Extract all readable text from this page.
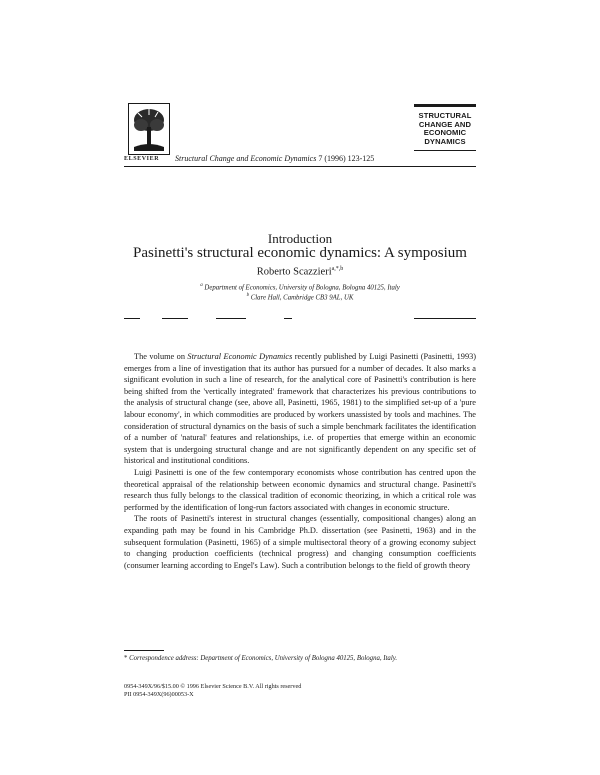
ELSEVIER Structural Change and Economic Dynamics 7 (1996) 123-125
STRUCTURAL
CHANGE AND
ECONOMIC
DYNAMICS
Introduction
Pasinetti's structural economic dynamics: A symposium
Roberto Scazzieri$^{a,*,b}$
$^a$ Department of Economics, University of Bologna, Bologna 40125, Italy
$^b$ Clare Hall, Cambridge CB3 9AL, UK

The volume on Structural Economic Dynamics recently published by Luigi Pasinetti (Pasinetti, 1993) emerges from a line of investigation that its author has pursued for a number of decades. It also marks a significant evolution in such a line of research, for the analytical core of Pasinetti's contribution is here being shifted from the 'vertically integrated' framework that characterizes his previous contributions to the analysis of structural change (see, above all, Pasinetti, 1965, 1981) to the simplified set-up of a 'pure labour economy', in which commodities are produced by workers unassisted by tools and machines. The consideration of structural dynamics on the basis of such a simple benchmark facilitates the identification of a number of 'natural' features and relationships, i.e. of properties that emerge within an economic system that is undergoing structural change and are not significantly dependent on any specific set of historical and institutional conditions.

Luigi Pasinetti is one of the few contemporary economists whose contribution has centred upon the theoretical appraisal of the relationship between economic dynamics and structural change. Pasinetti's research thus fully belongs to the classical tradition of economic theorizing, in which a critical role was performed by the identification of long-run factors associated with changes in economic structure.

The roots of Pasinetti's interest in structural changes (essentially, compositional changes) along an expanding path may be found in his Cambridge Ph.D. dissertation (see Pasinetti, 1963) and in the subsequent formulation (Pasinetti, 1965) of a simple multisectoral theory of a growing economy subject to changing production coefficients (technical progress) and changing consumption coefficients (consumer learning according to Engel's Law). Such a contribution belongs to the field of growth theory

* Correspondence address: Department of Economics, University of Bologna 40125, Bologna, Italy.
0954-349X/96/$15.00 © 1996 Elsevier Science B.V. All rights reserved
PII 0954-349X(96)00053-X
